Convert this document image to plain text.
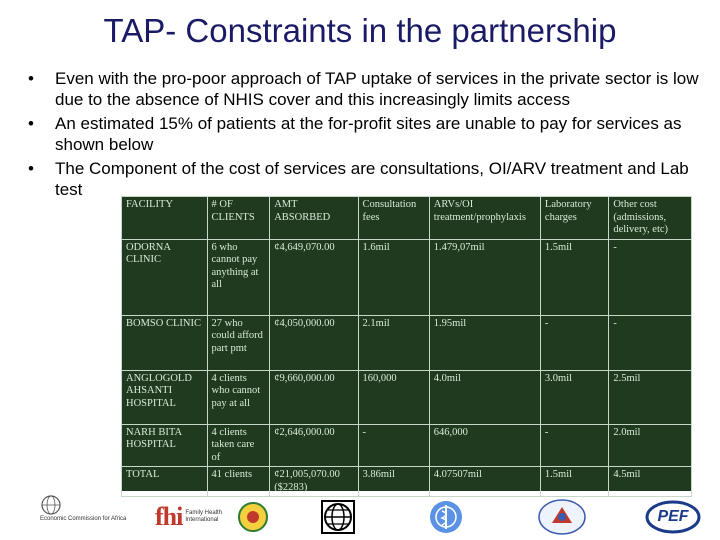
TAP- Constraints in the partnership
• Even with the pro-poor approach of TAP uptake of services in the private sector is low due to the absence of NHIS cover and this increasingly limits access
• An estimated 15% of patients at the for-profit sites are unable to pay for services as shown below
• The Component of the cost of services are consultations, OI/ARV treatment and Lab test
FACILITY	# OF CLIENTS	AMT ABSORBED	Consultation fees	ARVs/OI treatment/prophylaxis	Laboratory charges	Other cost (admissions, delivery, etc)
ODORNA CLINIC	6 who cannot pay anything at all	¢4,649,070.00	1.6mil	1.479,07mil	1.5mil	-
BOMSO CLINIC	27 who could afford part pmt	¢4,050,000.00	2.1mil	1.95mil	-	-
ANGLOGOLD AHSANTI HOSPITAL	4 clients who cannot pay at all	¢9,660,000.00	160,000	4.0mil	3.0mil	2.5mil
NARH BITA HOSPITAL	4 clients taken care of	¢2,646,000.00	-	646,000	-	2.0mil
TOTAL	41 clients	¢21,005,070.00 ($2283)	3.86mil	4.07507mil	1.5mil	4.5mil
Economic Commission for Africa fhi Family Health International	PEF
